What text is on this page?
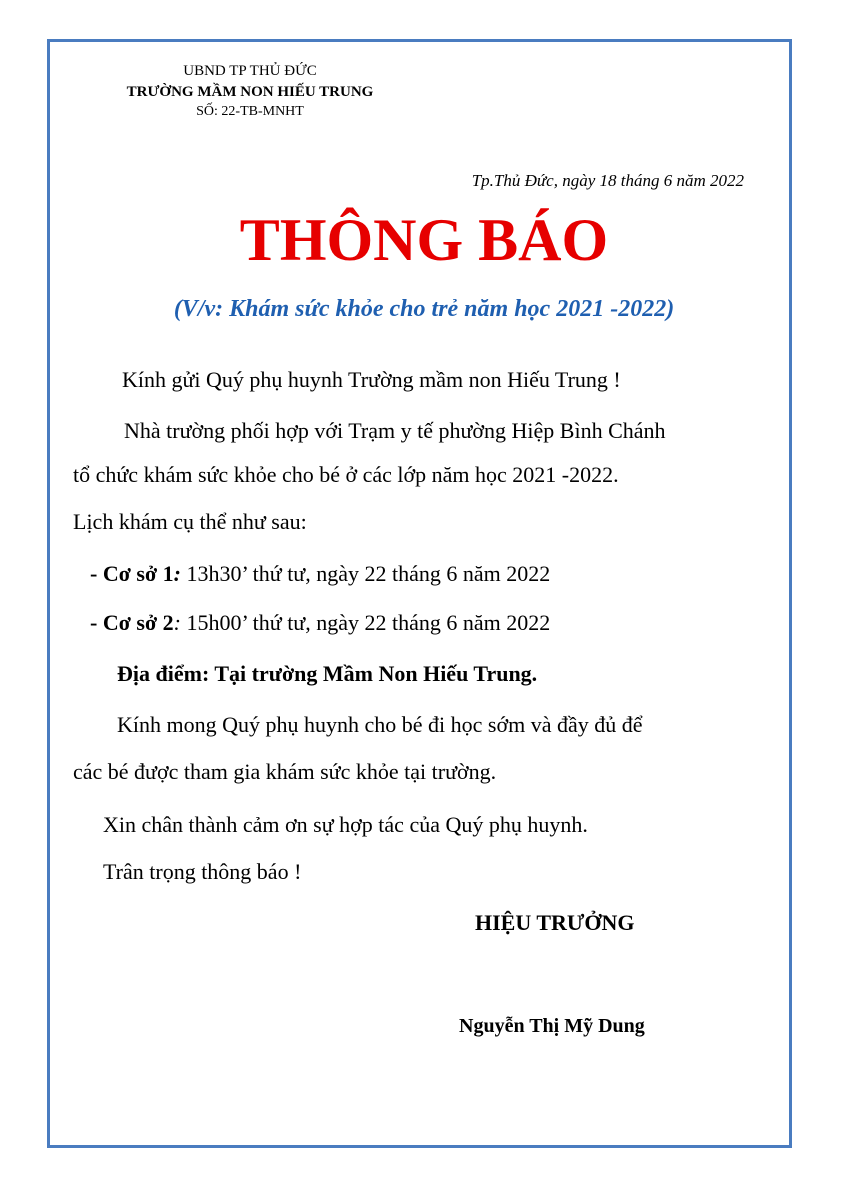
UBND TP THỦ ĐỨC
TRƯỜNG MẦM NON HIẾU TRUNG
SỐ: 22-TB-MNHT
Tp.Thủ Đức, ngày 18 tháng 6 năm 2022
THÔNG BÁO
(V/v: Khám sức khỏe cho trẻ năm học 2021 -2022)
Kính gửi Quý phụ huynh Trường mầm non Hiếu Trung !
Nhà trường phối hợp với Trạm y tế phường Hiệp Bình Chánh
tổ chức khám sức khỏe cho bé ở các lớp năm học 2021 -2022.
Lịch khám cụ thể như sau:
- Cơ sở 1: 13h30’ thứ tư, ngày 22 tháng 6 năm 2022
- Cơ sở 2: 15h00’ thứ tư, ngày 22 tháng 6 năm 2022
Địa điểm: Tại trường Mầm Non Hiếu Trung.
Kính mong Quý phụ huynh cho bé đi học sớm và đầy đủ để
các bé được tham gia khám sức khỏe tại trường.
Xin chân thành cảm ơn sự hợp tác của Quý phụ huynh.
Trân trọng thông báo !
HIỆU TRƯỞNG
Nguyễn Thị Mỹ Dung
